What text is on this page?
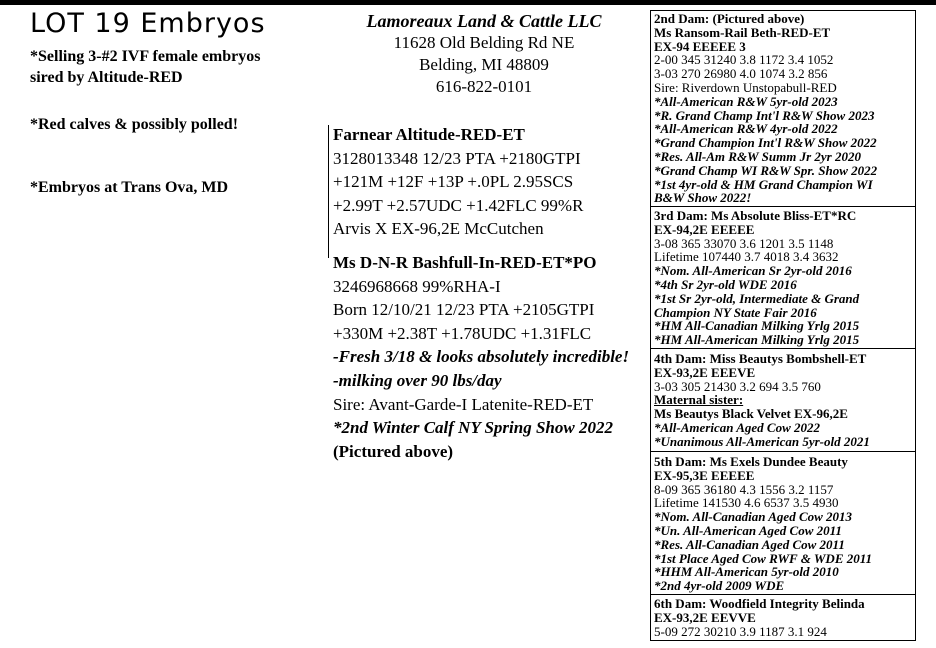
LOT 19 Embryos
*Selling 3-#2 IVF female embryos
sired by Altitude-RED
*Red calves & possibly polled!
*Embryos at Trans Ova, MD
Lamoreaux Land & Cattle LLC
11628 Old Belding Rd NE
Belding, MI 48809
616-822-0101
Farnear Altitude-RED-ET
3128013348 12/23 PTA +2180GTPI
+121M +12F +13P +.0PL 2.95SCS
+2.99T +2.57UDC +1.42FLC 99%R
Arvis X EX-96,2E McCutchen
Ms D-N-R Bashfull-In-RED-ET*PO
3246968668 99%RHA-I
Born 12/10/21 12/23 PTA +2105GTPI
+330M +2.38T +1.78UDC +1.31FLC
-Fresh 3/18 & looks absolutely incredible!
-milking over 90 lbs/day
Sire: Avant-Garde-I Latenite-RED-ET
*2nd Winter Calf NY Spring Show 2022
(Pictured above)
2nd Dam: (Pictured above)
Ms Ransom-Rail Beth-RED-ET
EX-94 EEEEE 3
2-00 345 31240 3.8 1172 3.4 1052
3-03 270 26980 4.0 1074 3.2 856
Sire: Riverdown Unstopabull-RED
*All-American R&W 5yr-old 2023
*R. Grand Champ Int'l R&W Show 2023
*All-American R&W 4yr-old 2022
*Grand Champion Int'l R&W Show 2022
*Res. All-Am R&W Summ Jr 2yr 2020
*Grand Champ WI R&W Spr. Show 2022
*1st 4yr-old & HM Grand Champion WI
B&W Show 2022!
3rd Dam: Ms Absolute Bliss-ET*RC
EX-94,2E EEEEE
3-08 365 33070 3.6 1201 3.5 1148
Lifetime 107440 3.7 4018 3.4 3632
*Nom. All-American Sr 2yr-old 2016
*4th Sr 2yr-old WDE 2016
*1st Sr 2yr-old, Intermediate & Grand
Champion NY State Fair 2016
*HM All-Canadian Milking Yrlg 2015
*HM All-American Milking Yrlg 2015
4th Dam: Miss Beautys Bombshell-ET
EX-93,2E EEEVE
3-03 305 21430 3.2 694 3.5 760
Maternal sister:
Ms Beautys Black Velvet EX-96,2E
*All-American Aged Cow 2022
*Unanimous All-American 5yr-old 2021
5th Dam: Ms Exels Dundee Beauty
EX-95,3E EEEEE
8-09 365 36180 4.3 1556 3.2 1157
Lifetime 141530 4.6 6537 3.5 4930
*Nom. All-Canadian Aged Cow 2013
*Un. All-American Aged Cow 2011
*Res. All-Canadian Aged Cow 2011
*1st Place Aged Cow RWF & WDE 2011
*HHM All-American 5yr-old 2010
*2nd 4yr-old 2009 WDE
6th Dam: Woodfield Integrity Belinda
EX-93,2E EEVVE
5-09 272 30210 3.9 1187 3.1 924
